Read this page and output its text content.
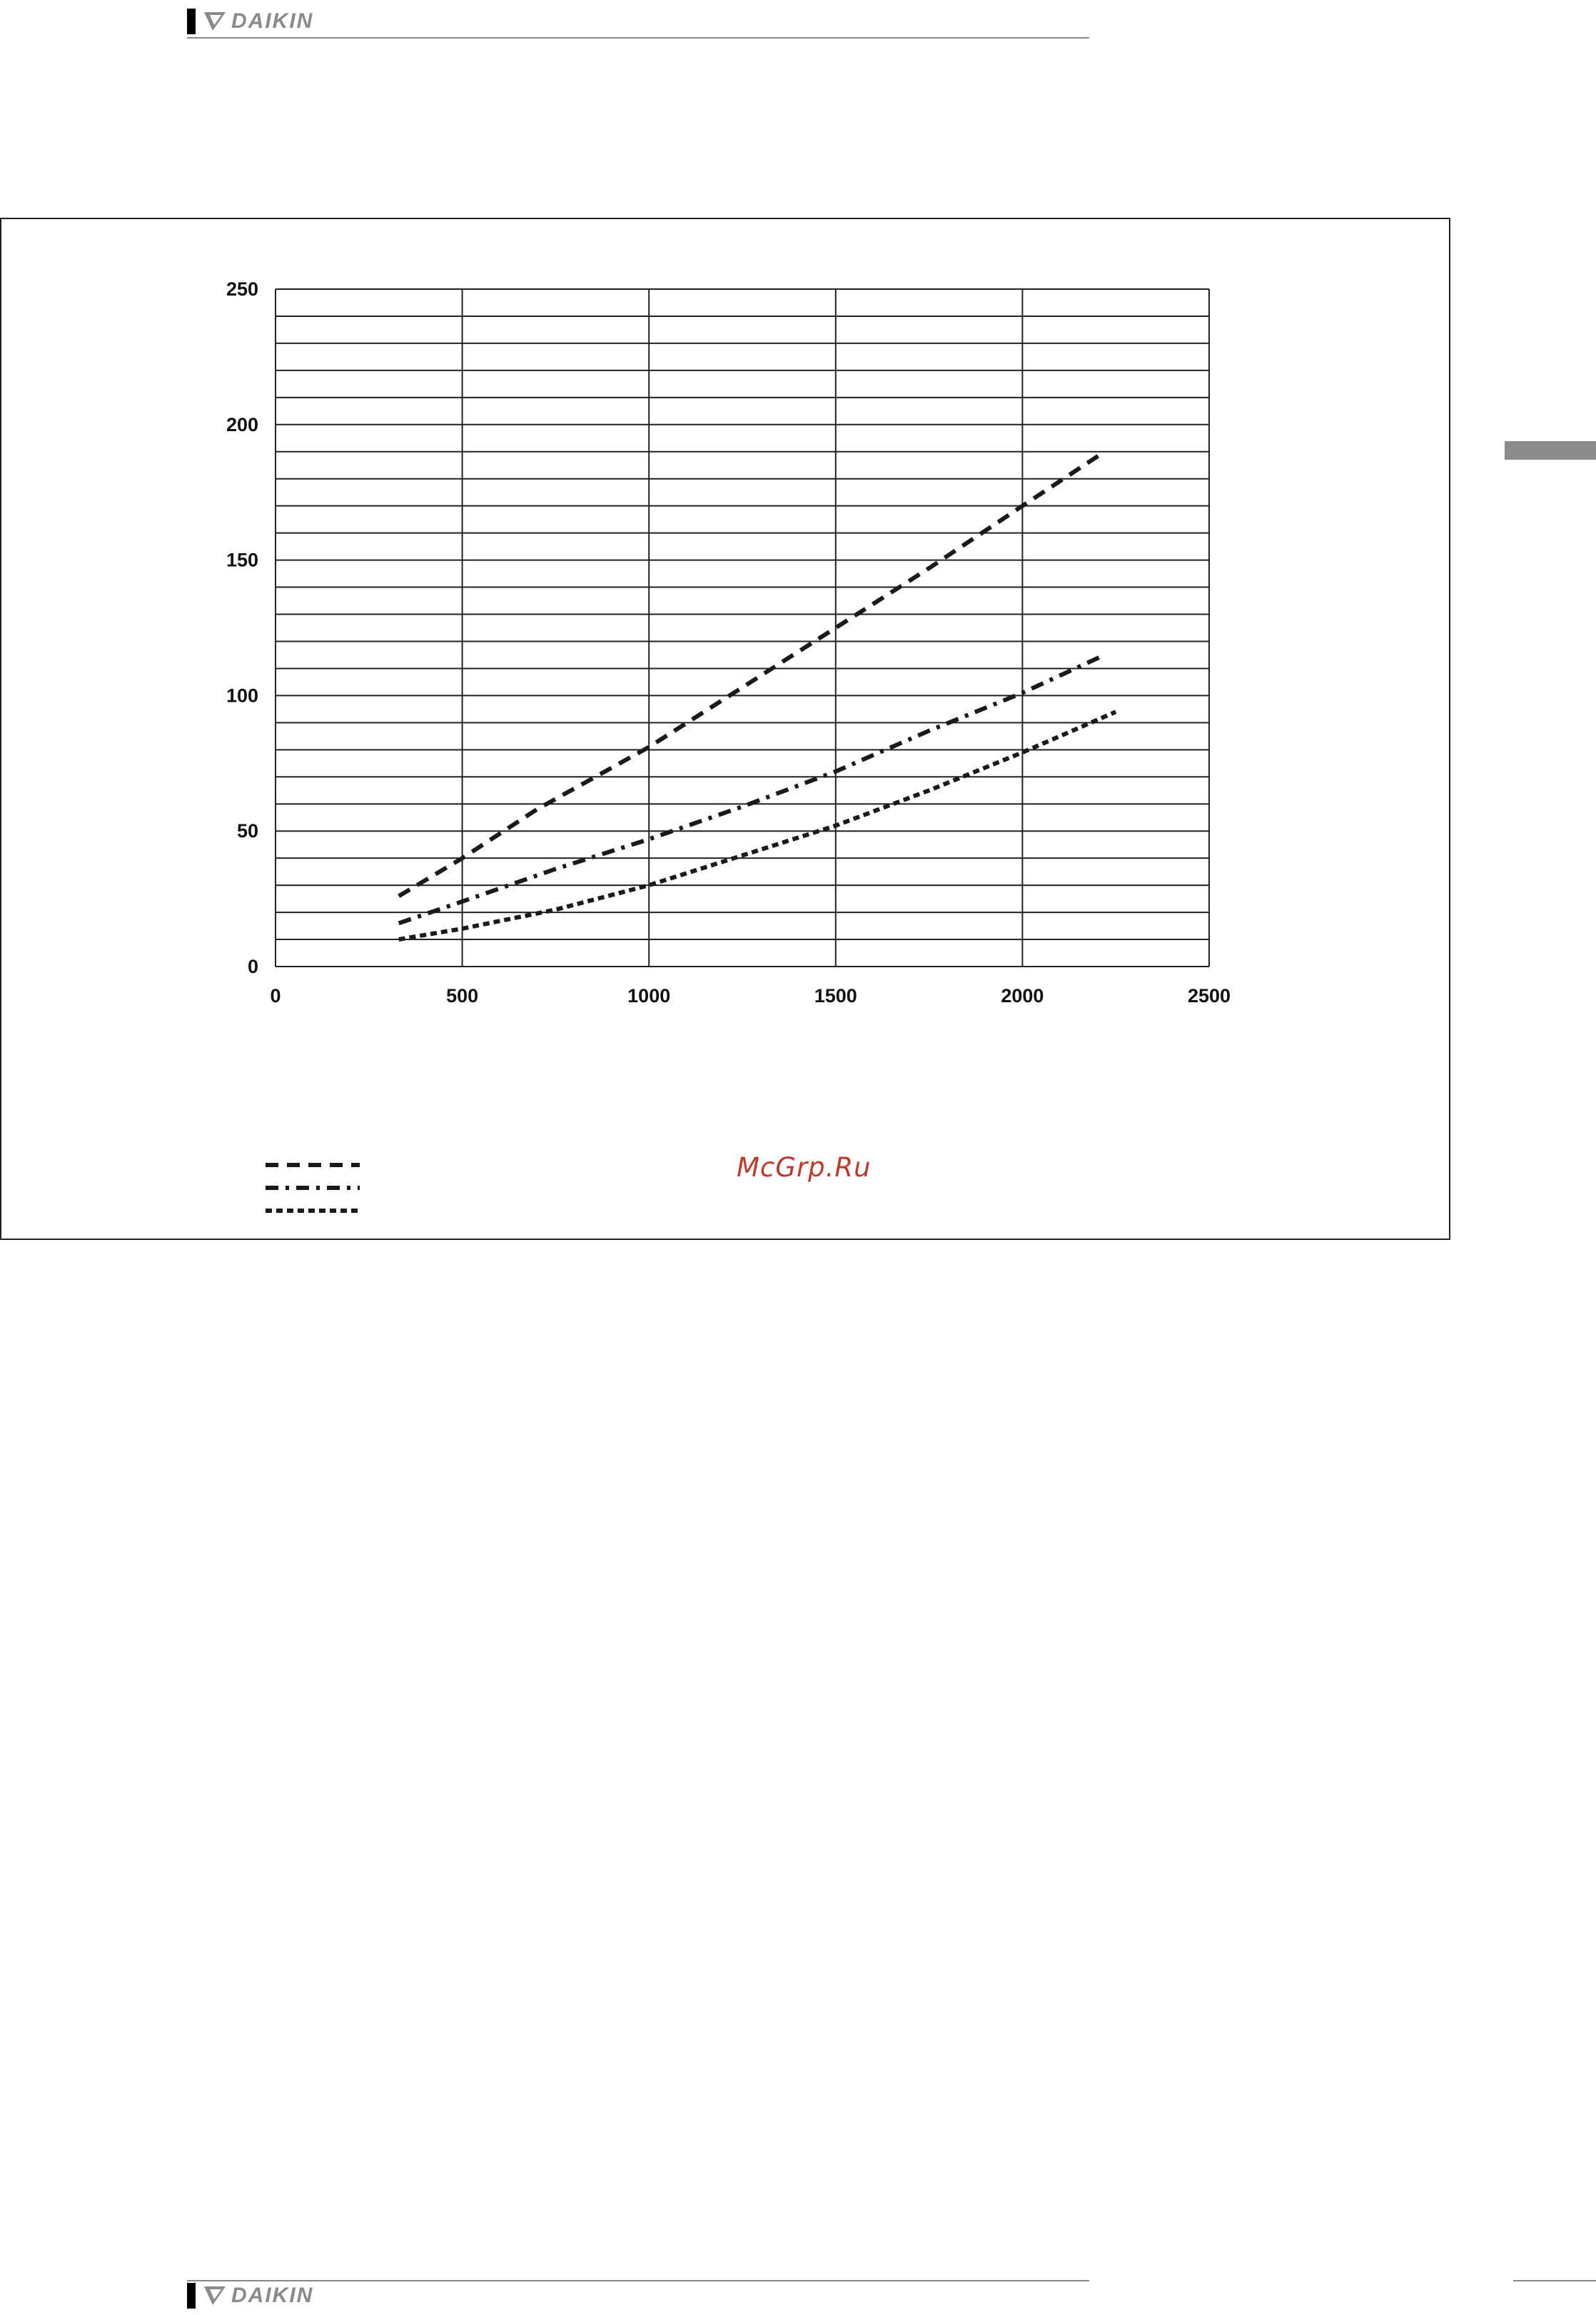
DAIKIN
0
50
100
150
200
250
0	500	1000	1500	2000	2500
McGrp.Ru
DAIKIN
